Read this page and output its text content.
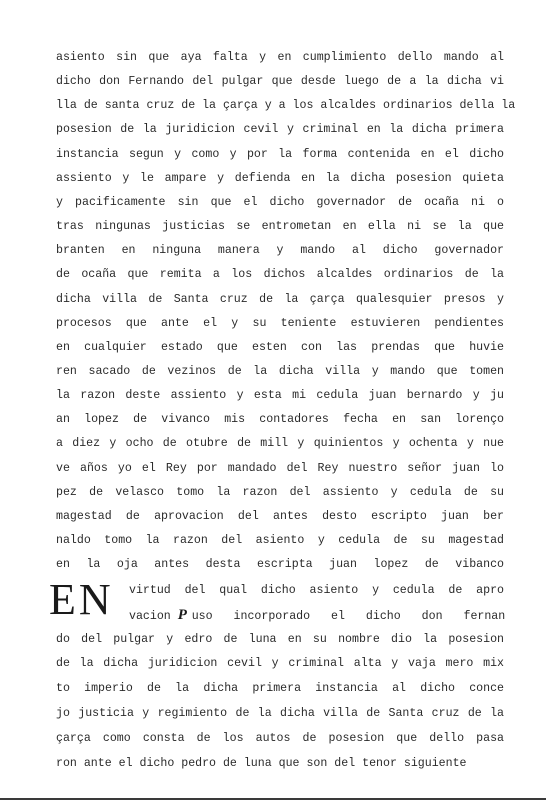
asiento sin que aya falta y en cumplimiento dello mando al
dicho don Fernando del pulgar que desde luego de a la dicha vi
lla de santa cruz de la çarça y a los alcaldes ordinarios della la
posesion de la juridicion cevil y criminal en la dicha primera
instancia segun y como y por la forma contenida en el dicho
assiento y le ampare y defienda en la dicha posesion quieta
y pacificamente sin que el dicho governador de ocaña ni o
tras ningunas justicias se entrometan en ella ni se la que
branten en ninguna manera y mando al dicho governador
de ocaña que remita a los dichos alcaldes ordinarios de la
dicha villa de Santa cruz de la çarça qualesquier presos y
procesos que ante el y su teniente estuvieren pendientes
en cualquier estado que esten con las prendas que huvie
ren sacado de vezinos de la dicha villa y mando que tomen
la razon deste assiento y esta mi cedula juan bernardo y ju
an lopez de vivanco mis contadores fecha en san lorenço
a diez y ocho de otubre de mill y quinientos y ochenta y nue
ve años yo el Rey por mandado del Rey nuestro señor juan lo
pez de velasco tomo la razon del assiento y cedula de su
magestad de aprovacion del antes desto escripto juan ber
naldo tomo la razon del asiento y cedula de su magestad
en la oja antes desta escripta juan lopez de vibanco
EN virtud del qual dicho asiento y cedula de apro
vacion P uso incorporado el dicho don fernan
do del pulgar y edro de luna en su nombre dio la posesion
de la dicha juridicion cevil y criminal alta y vaja mero mix
to imperio de la dicha primera instancia al dicho conce
jo justicia y regimiento de la dicha villa de Santa cruz de la
çarça como consta de los autos de posesion que dello pasa
ron ante el dicho pedro de luna que son del tenor siguiente
